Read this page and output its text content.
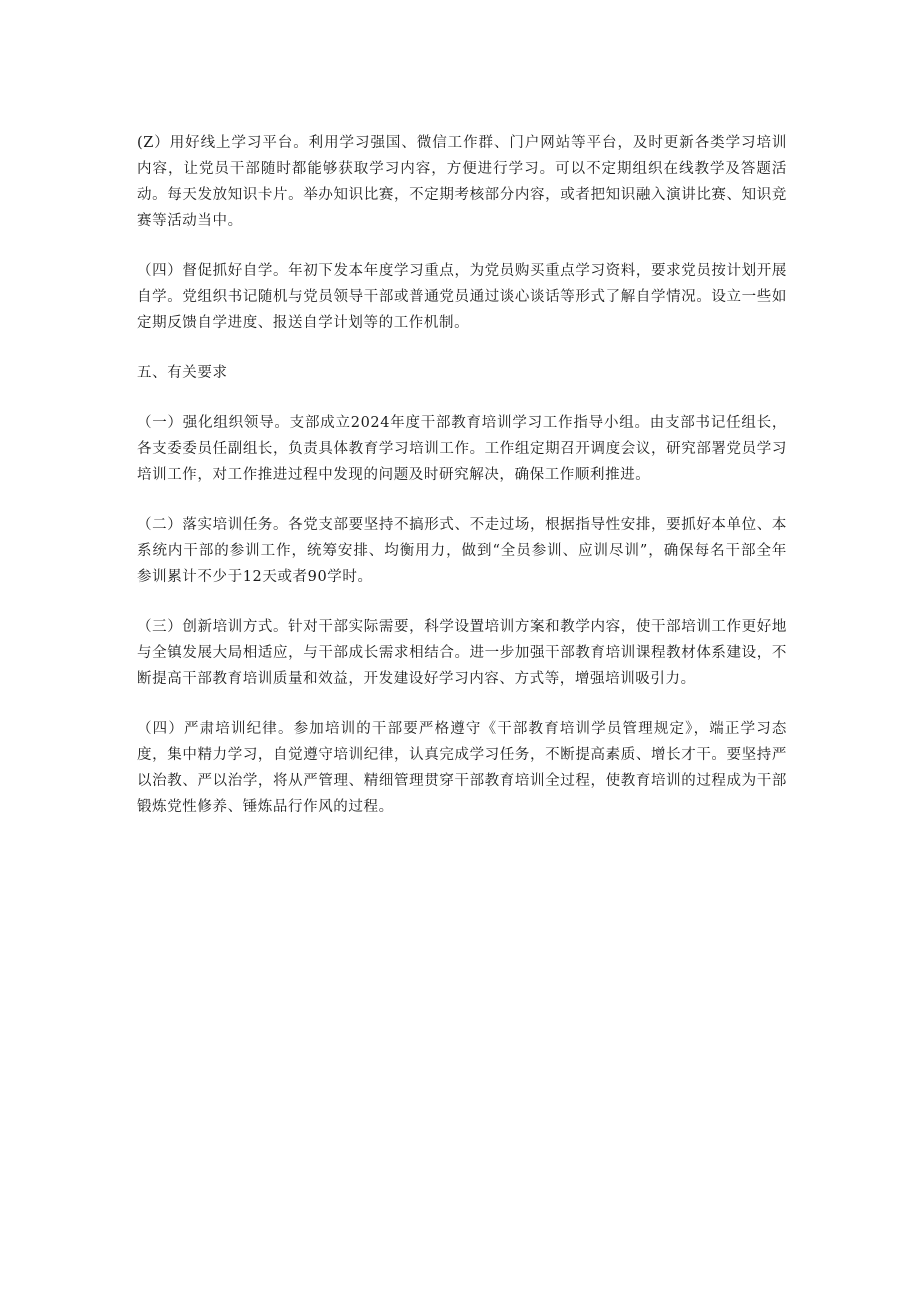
(Z）用好线上学习平台。利用学习强国、微信工作群、门户网站等平台，及时更新各类学习培训内容，让党员干部随时都能够获取学习内容，方便进行学习。可以不定期组织在线教学及答题活动。每天发放知识卡片。举办知识比赛，不定期考核部分内容，或者把知识融入演讲比赛、知识竞赛等活动当中。

（四）督促抓好自学。年初下发本年度学习重点，为党员购买重点学习资料，要求党员按计划开展自学。党组织书记随机与党员领导干部或普通党员通过谈心谈话等形式了解自学情况。设立一些如定期反馈自学进度、报送自学计划等的工作机制。

五、有关要求

（一）强化组织领导。支部成立2024年度干部教育培训学习工作指导小组。由支部书记任组长，各支委委员任副组长，负责具体教育学习培训工作。工作组定期召开调度会议，研究部署党员学习培训工作，对工作推进过程中发现的问题及时研究解决，确保工作顺利推进。

（二）落实培训任务。各党支部要坚持不搞形式、不走过场，根据指导性安排，要抓好本单位、本系统内干部的参训工作，统筹安排、均衡用力，做到“全员参训、应训尽训”，确保每名干部全年参训累计不少于12天或者90学时。

（三）创新培训方式。针对干部实际需要，科学设置培训方案和教学内容，使干部培训工作更好地与全镇发展大局相适应，与干部成长需求相结合。进一步加强干部教育培训课程教材体系建设，不断提高干部教育培训质量和效益，开发建设好学习内容、方式等，增强培训吸引力。

（四）严肃培训纪律。参加培训的干部要严格遵守《干部教育培训学员管理规定》，端正学习态度，集中精力学习，自觉遵守培训纪律，认真完成学习任务，不断提高素质、增长才干。要坚持严以治教、严以治学，将从严管理、精细管理贯穿干部教育培训全过程，使教育培训的过程成为干部锻炼党性修养、锤炼品行作风的过程。
